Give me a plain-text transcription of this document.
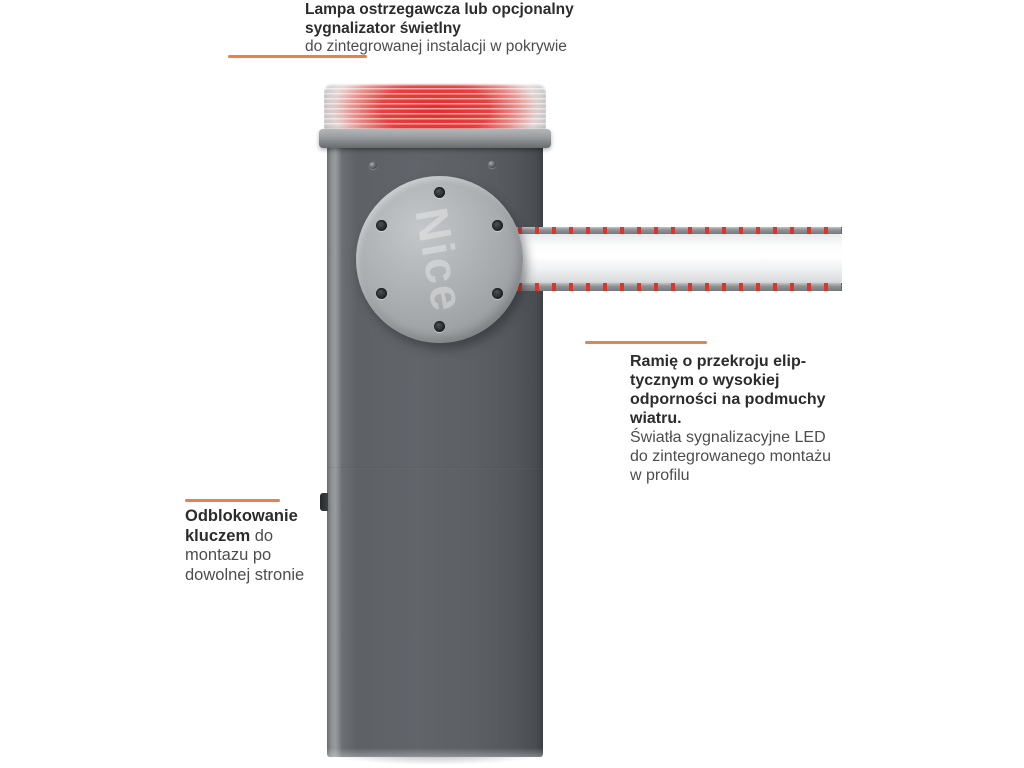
Nice
Lampa ostrzegawcza lub opcjonalny
sygnalizator świetlny
do zintegrowanej instalacji w pokrywie
Ramię o przekroju elip-
tycznym o wysokiej
odporności na podmuchy
wiatru.
Światła sygnalizacyjne LED
do zintegrowanego montażu
w profilu
Odblokowanie
kluczem do
montazu po
dowolnej stronie
